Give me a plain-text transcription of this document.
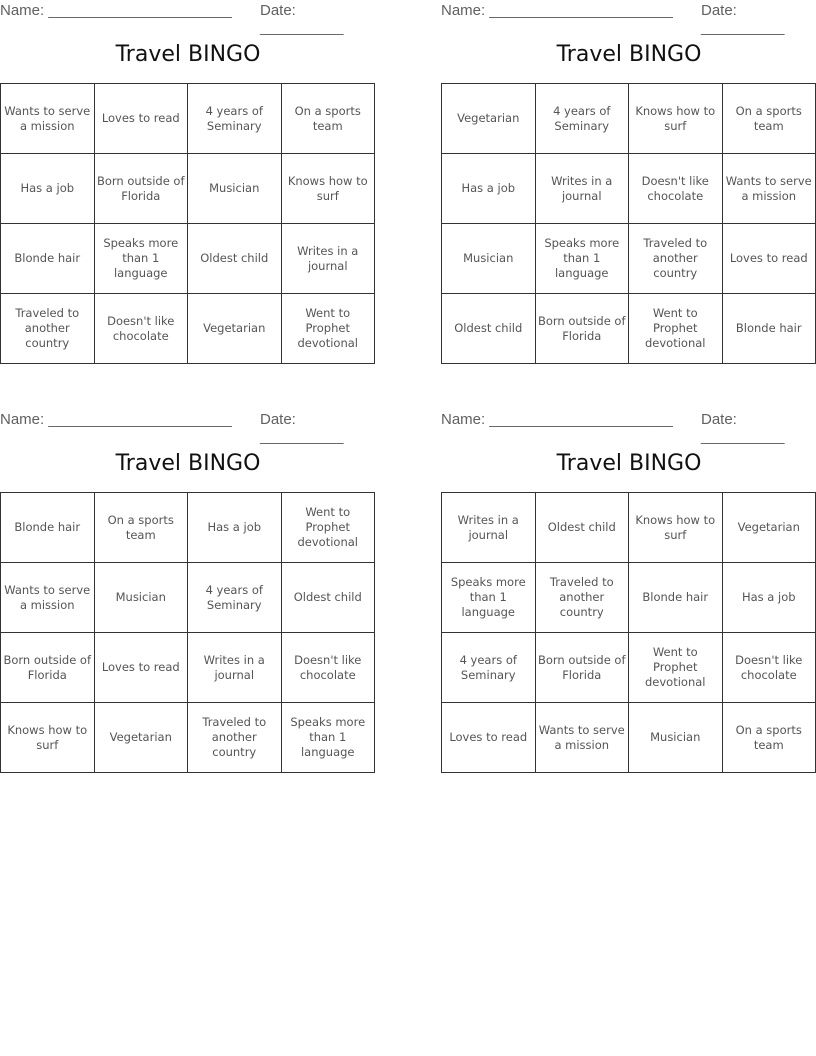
Name: ______________________ Date: __________
Travel BINGO
Wants to serve a mission
Loves to read
4 years of Seminary
On a sports team
Has a job
Born outside of Florida
Musician
Knows how to surf
Blonde hair
Speaks more than 1 language
Oldest child
Writes in a journal
Traveled to another country
Doesn't like chocolate
Vegetarian
Went to Prophet devotional
Name: ______________________ Date: __________
Travel BINGO
Vegetarian
4 years of Seminary
Knows how to surf
On a sports team
Has a job
Writes in a journal
Doesn't like chocolate
Wants to serve a mission
Musician
Speaks more than 1 language
Traveled to another country
Loves to read
Oldest child
Born outside of Florida
Went to Prophet devotional
Blonde hair
Name: ______________________ Date: __________
Travel BINGO
Blonde hair
On a sports team
Has a job
Went to Prophet devotional
Wants to serve a mission
Musician
4 years of Seminary
Oldest child
Born outside of Florida
Loves to read
Writes in a journal
Doesn't like chocolate
Knows how to surf
Vegetarian
Traveled to another country
Speaks more than 1 language
Name: ______________________ Date: __________
Travel BINGO
Writes in a journal
Oldest child
Knows how to surf
Vegetarian
Speaks more than 1 language
Traveled to another country
Blonde hair	Has a job
4 years of Seminary
Born outside of Florida
Went to Prophet devotional
Doesn't like chocolate
Loves to read
Wants to serve a mission
Musician
On a sports team
